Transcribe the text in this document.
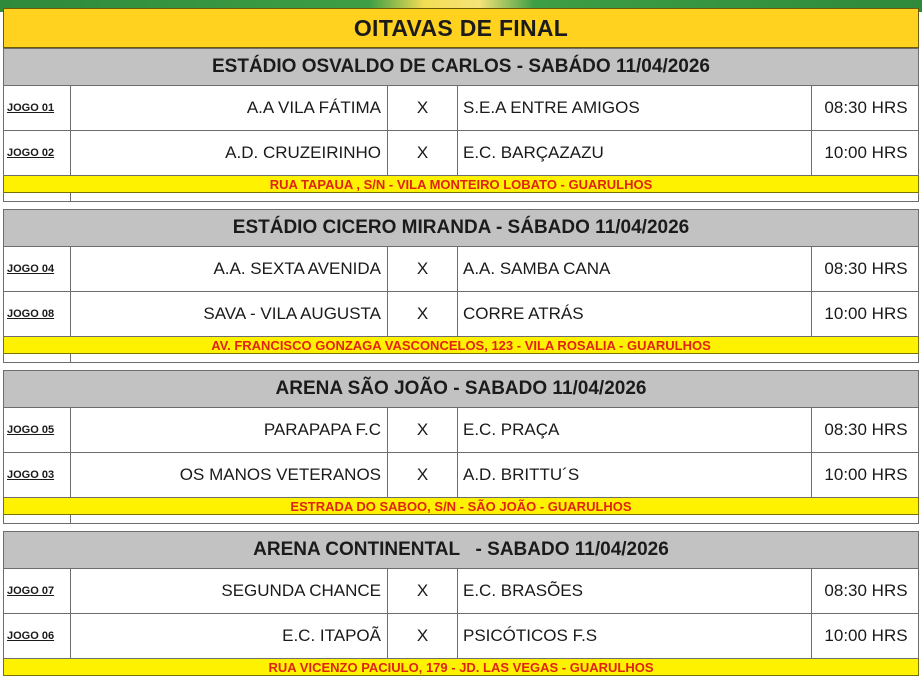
OITAVAS DE FINAL
ESTÁDIO OSVALDO DE CARLOS - SABÁDO 11/04/2026
JOGO 01	A.A VILA FÁTIMA	X	S.E.A ENTRE AMIGOS	08:30 HRS
JOGO 02	A.D. CRUZEIRINHO	X	E.C. BARÇAZAZU	10:00 HRS
RUA TAPAUA , S/N - VILA MONTEIRO LOBATO - GUARULHOS
ESTÁDIO CICERO MIRANDA - SÁBADO 11/04/2026
JOGO 04	A.A. SEXTA AVENIDA	X	A.A. SAMBA CANA	08:30 HRS
JOGO 08	SAVA - VILA AUGUSTA	X	CORRE ATRÁS	10:00 HRS
AV. FRANCISCO GONZAGA VASCONCELOS, 123 - VILA ROSALIA - GUARULHOS
ARENA SÃO JOÃO - SABADO 11/04/2026
JOGO 05	PARAPAPA F.C	X	E.C. PRAÇA	08:30 HRS
JOGO 03	OS MANOS VETERANOS	X	A.D. BRITTU´S	10:00 HRS
ESTRADA DO SABOO, S/N - SÃO JOÃO - GUARULHOS
ARENA CONTINENTAL   - SABADO 11/04/2026
JOGO 07	SEGUNDA CHANCE	X	E.C. BRASÕES	08:30 HRS
JOGO 06	E.C. ITAPOÃ	X	PSICÓTICOS F.S	10:00 HRS
RUA VICENZO PACIULO, 179 - JD. LAS VEGAS - GUARULHOS
